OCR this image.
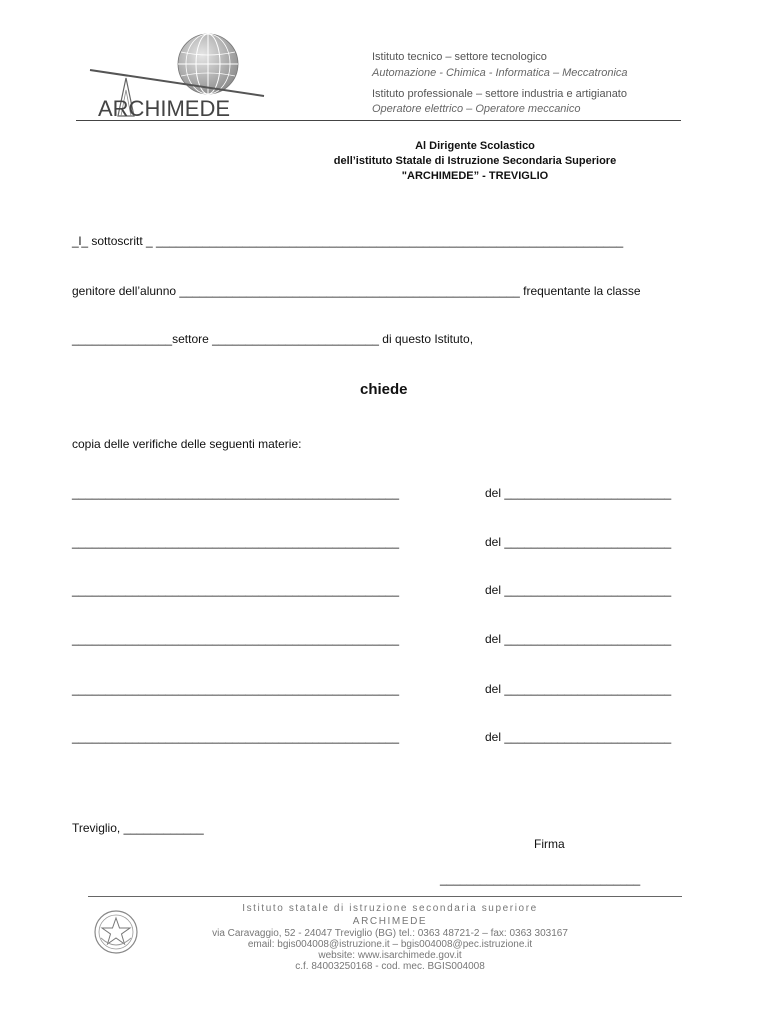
ARCHIMEDE
Istituto tecnico – settore tecnologico
Automazione - Chimica - Informatica – Meccatronica
Istituto professionale – settore industria e artigianato
Operatore elettrico – Operatore meccanico
Al Dirigente Scolastico
dell’istituto Statale di Istruzione Secondaria Superiore
"ARCHIMEDE” - TREVIGLIO
_l_ sottoscritt _ ______________________________________________________________________
genitore dell’alunno ___________________________________________________ frequentante la classe
_______________settore _________________________ di questo Istituto,
chiede
copia delle verifiche delle seguenti materie:
_________________________________________________	del _________________________
_________________________________________________	del _________________________
_________________________________________________	del _________________________
_________________________________________________	del _________________________
_________________________________________________	del _________________________
_________________________________________________	del _________________________
Treviglio, ____________
Firma
______________________________
Istituto statale di istruzione secondaria superiore
ARCHIMEDE
via Caravaggio, 52 - 24047 Treviglio (BG) tel.: 0363 48721-2 – fax: 0363 303167
email: bgis004008@istruzione.it – bgis004008@pec.istruzione.it
website: www.isarchimede.gov.it
c.f. 84003250168 - cod. mec. BGIS004008
